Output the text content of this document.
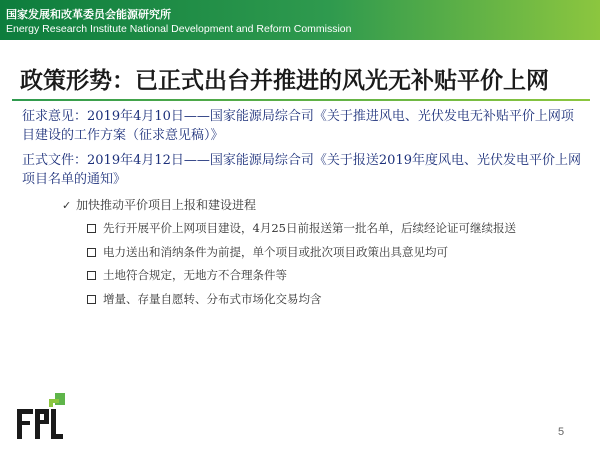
国家发展和改革委员会能源研究所
Energy Research Institute National Development and Reform Commission
政策形势：已正式出台并推进的风光无补贴平价上网
征求意见：2019年4月10日——国家能源局综合司《关于推进风电、光伏发电无补贴平价上网项目建设的工作方案（征求意见稿）》
正式文件：2019年4月12日——国家能源局综合司《关于报送2019年度风电、光伏发电平价上网项目名单的通知》
✓ 加快推动平价项目上报和建设进程
先行开展平价上网项目建设，4月25日前报送第一批名单，后续经论证可继续报送
电力送出和消纳条件为前提，单个项目或批次项目政策出具意见均可
土地符合规定，无地方不合理条件等
增量、存量自愿转、分布式市场化交易均含
5
